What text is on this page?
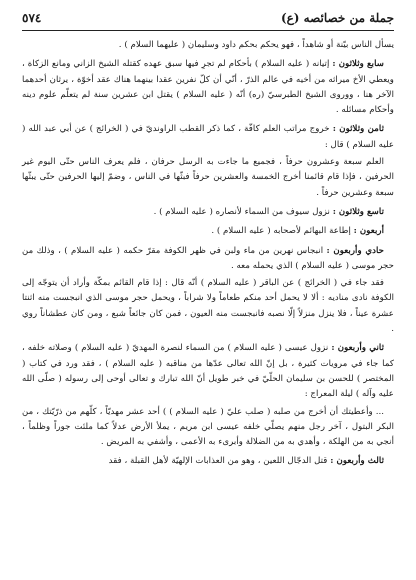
٥٧٤	جملة من خصائصه (ع)

يسأل الناس بيّنة أو شاهداً ، فهو يحكم بحكم داود وسليمان ( عليهما السلام ) .

سابع وثلاثون : إتيانه ( عليه السلام ) بأحكام لم تجرِ فيها سبق عهده كقتله الشيخ الزاني ومانع الزكاة ، ويعطي الأخ ميراثه من أخيه في عالم الذرّ ، أنّي أن كلّ نفرين عقدا بينهما هناك عقد أخوّة ، يرثان أحدهما الآخر هنا ، ووروى الشيخ الطبرسيّ (ره) أنّه ( عليه السلام ) يقتل ابن عشرين سنة لم يتعلّم علوم دينه وأحكام مسائله .

ثامن وثلاثون : خروج مراتب العلم كافّة ، كما ذكر القطب الراونديّ في ( الخرائج ) عن أبي عبد الله ( عليه السلام ) قال :

العلم سبعة وعشرون حرفاً ، فجميع ما جاءت به الرسل حرفان ، فلم يعرف الناس حتّى اليوم غير الحرفين ، فإذا قام قائمنا أخرج الخمسة والعشرين حرفاً فبثّها في الناس ، وضمّ إليها الحرفين حتّى يبثّها سبعة وعشرين حرفاً .

تاسع وثلاثون : نزول سيوف من السماء لأنصاره ( عليه السلام ) .

أربعون : إطاعة البهائم لأصحابه ( عليه السلام ) .

حادي وأربعون : انبجاس نهرين من ماء ولبن في ظهر الكوفة مقرّ حكمه ( عليه السلام ) ، وذلك من حجر موسى ( عليه السلام ) الذي يحمله معه .

فقد جاء في ( الخرائج ) عن الباقر ( عليه السلام ) أنّه قال : إذا قام القائم بمكّة وأراد أن يتوجّه إلى الكوفة نادى مناديه : ألا لا يحمل أحد منكم طعاماً ولا شراباً ، ويحمل حجر موسى الذي انبجست منه اثنتا عشرة عيناً ، فلا ينزل منزلاً إلّا نصبه فانبجست منه العيون ، فمن كان جائعاً شبع ، ومن كان عطشاناً روي .

ثاني وأربعون : نزول عيسى ( عليه السلام ) من السماء لنصرة المهديّ ( عليه السلام ) وصلاته خلفه ، كما جاء في مرويات كثيرة ، بل إنّ الله تعالى عدّها من مناقبه ( عليه السلام ) ، فقد ورد في كتاب ( المختصر ) للحسن بن سليمان الحلّيّ في خبر طويل أنّ الله تبارك و تعالى أوحى إلى رسوله ( صلّى الله عليه وآله ) ليلة المعراج :

... وأعطيتك أن أخرج من صلبه ( صلب عليّ ( عليه السلام ) ) أحد عشر مهديّاً ، كلّهم من ذرّيّتك ، من البكر البتول ، آخر رجل منهم يصلّي خلفه عيسى ابن مريم ، يملأ الأرض عدلاً كما ملئت جوراً وظلماً ، أنجي به من الهلكة ، وأهدي به من الضلالة وأبرىء به الأعمى ، وأشفي به المريض .

ثالث وأربعون : قتل الدجّال اللعين ، وهو من العذابات الإلهيّة لأهل القبلة ، فقد
